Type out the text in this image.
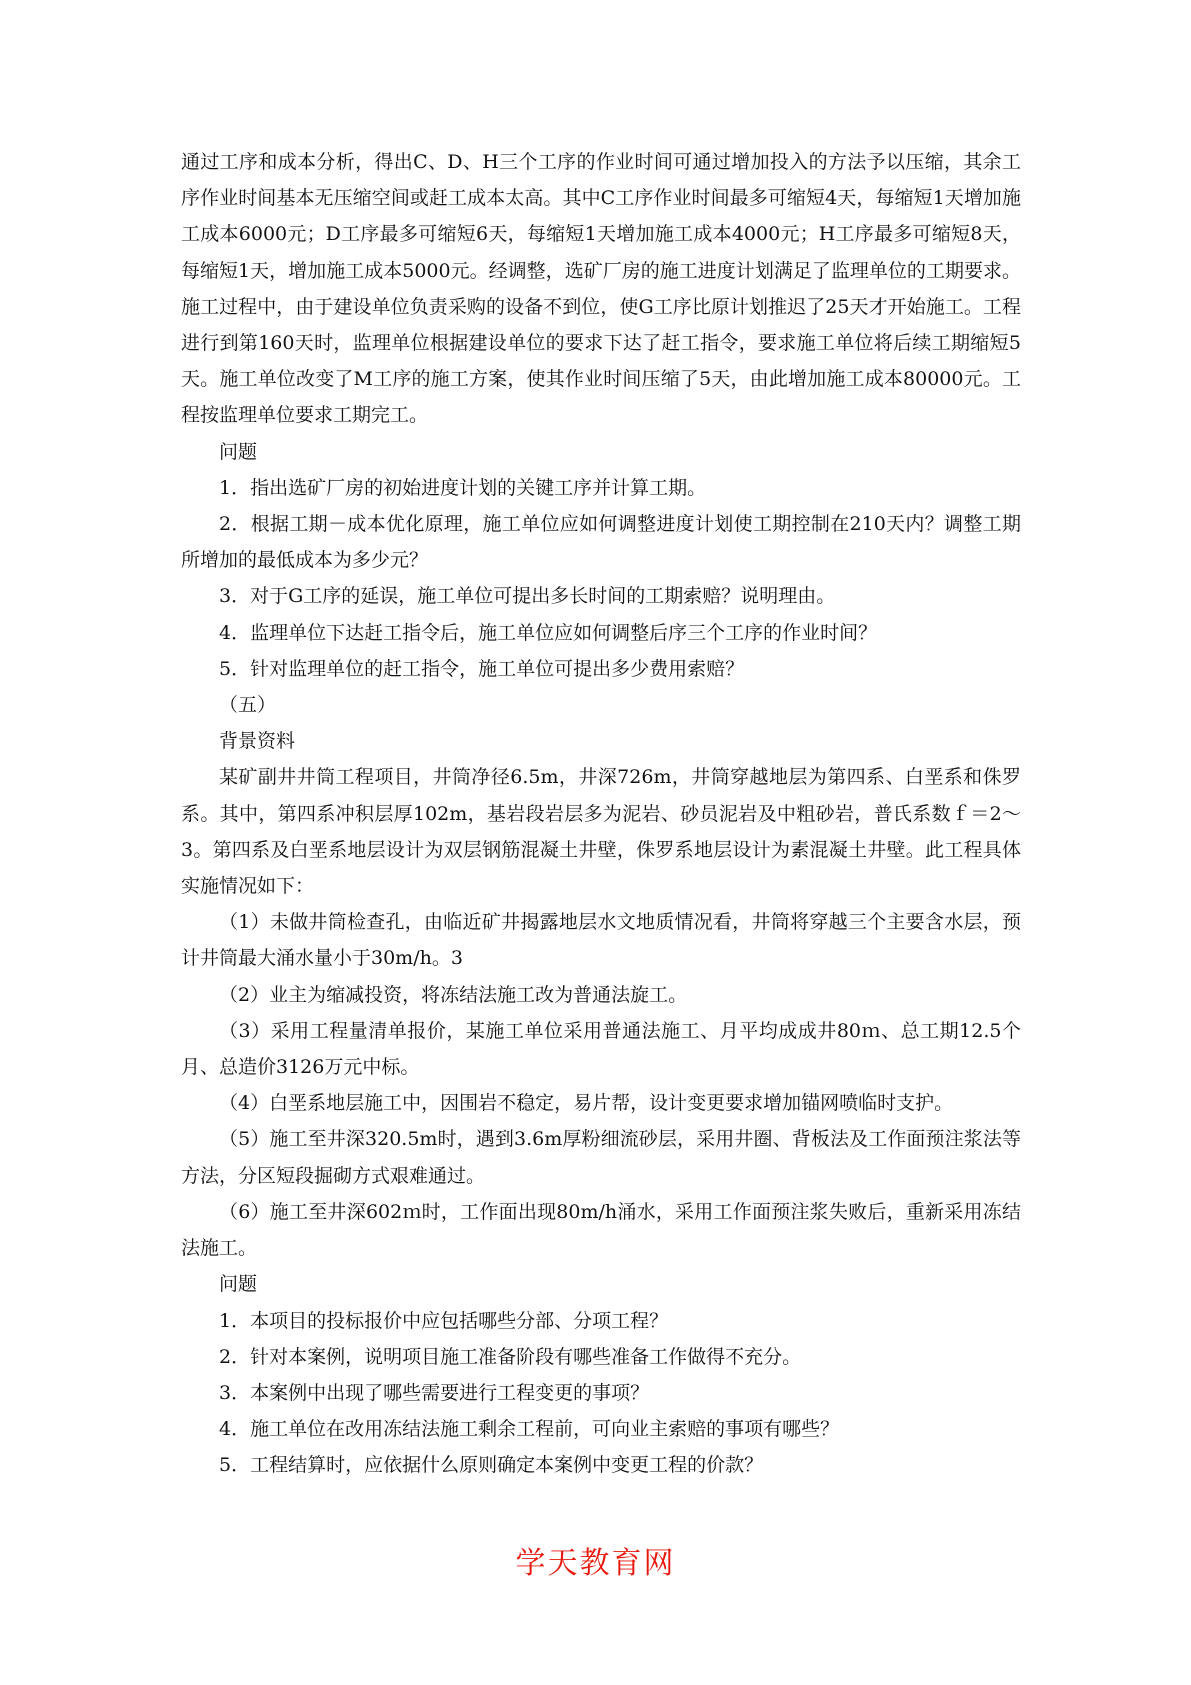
通过工序和成本分析，得出C、D、H三个工序的作业时间可通过增加投入的方法予以压缩，其余工序作业时间基本无压缩空间或赶工成本太高。其中C工序作业时间最多可缩短4天，每缩短1天增加施工成本6000元；D工序最多可缩短6天，每缩短1天增加施工成本4000元；H工序最多可缩短8天，每缩短1天，增加施工成本5000元。经调整，选矿厂房的施工进度计划满足了监理单位的工期要求。施工过程中，由于建设单位负责采购的设备不到位，使G工序比原计划推迟了25天才开始施工。工程进行到第160天时，监理单位根据建设单位的要求下达了赶工指令，要求施工单位将后续工期缩短5天。施工单位改变了M工序的施工方案，使其作业时间压缩了5天，由此增加施工成本80000元。工程按监理单位要求工期完工。

问题

1．指出选矿厂房的初始进度计划的关键工序并计算工期。

2．根据工期－成本优化原理，施工单位应如何调整进度计划使工期控制在210天内？调整工期所增加的最低成本为多少元？

3．对于G工序的延误，施工单位可提出多长时间的工期索赔？说明理由。

4．监理单位下达赶工指令后，施工单位应如何调整后序三个工序的作业时间？

5．针对监理单位的赶工指令，施工单位可提出多少费用索赔？

（五）

背景资料

某矿副井井筒工程项目，井筒净径6.5m，井深726m，井筒穿越地层为第四系、白垩系和侏罗系。其中，第四系冲积层厚102m，基岩段岩层多为泥岩、砂员泥岩及中粗砂岩，普氏系数ｆ＝2～3。第四系及白垩系地层设计为双层钢筋混凝土井壁，侏罗系地层设计为素混凝土井壁。此工程具体实施情况如下：

（1）未做井筒检查孔，由临近矿井揭露地层水文地质情况看，井筒将穿越三个主要含水层，预计井筒最大涌水量小于30m/h。3

（2）业主为缩减投资，将冻结法施工改为普通法旋工。

（3）采用工程量清单报价，某施工单位采用普通法施工、月平均成成井80ｍ、总工期12.5个月、总造价3126万元中标。

（4）白垩系地层施工中，因围岩不稳定，易片帮，设计变更要求增加锚网喷临时支护。

（5）施工至井深320.5m时，遇到3.6m厚粉细流砂层，采用井圈、背板法及工作面预注浆法等方法，分区短段掘砌方式艰难通过。

（6）施工至井深602ｍ时，工作面出现80m/h涌水，采用工作面预注浆失败后，重新采用冻结法施工。

问题

1．本项目的投标报价中应包括哪些分部、分项工程？

2．针对本案例，说明项目施工准备阶段有哪些准备工作做得不充分。

3．本案例中出现了哪些需要进行工程变更的事项？

4．施工单位在改用冻结法施工剩余工程前，可向业主索赔的事项有哪些？

5．工程结算时，应依据什么原则确定本案例中变更工程的价款？

学天教育网
